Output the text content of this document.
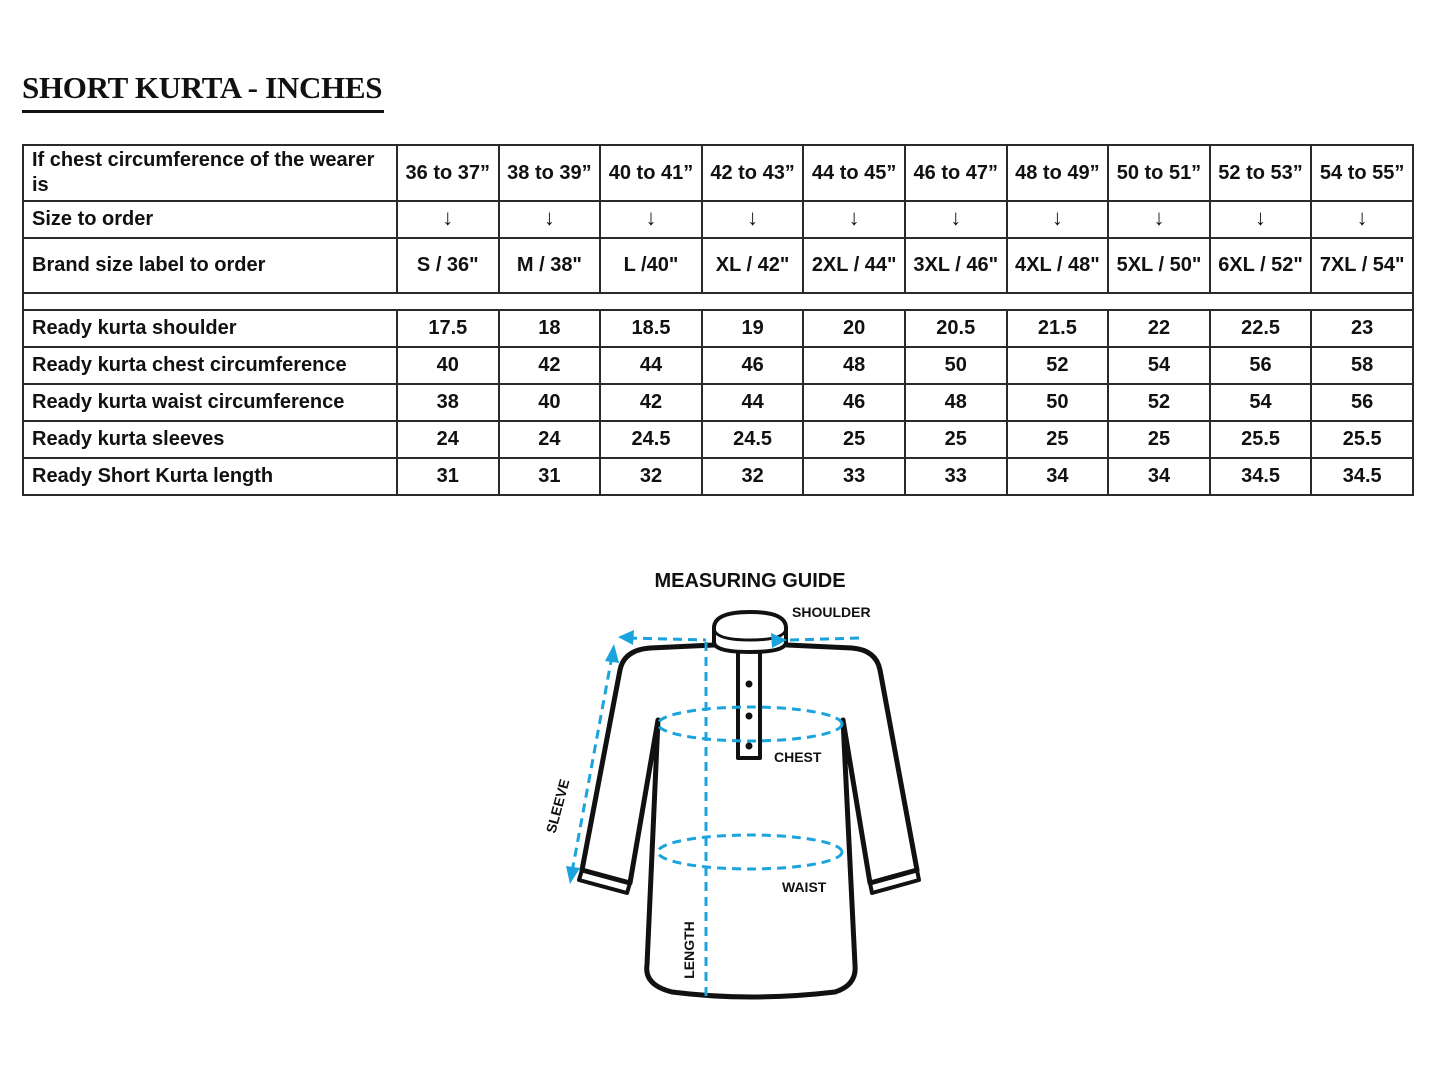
SHORT KURTA - INCHES
If chest circumference of the wearer is	36 to 37”	38 to 39”	40 to 41”	42 to 43”	44 to 45”	46 to 47”	48 to 49”	50 to 51”	52 to 53”	54 to 55”
Size to order	↓	↓	↓	↓	↓	↓	↓	↓	↓	↓
Brand size label to order	S / 36"	M / 38"	L /40"	XL / 42"	2XL / 44"	3XL / 46"	4XL / 48"	5XL / 50"	6XL / 52"	7XL / 54"

Ready kurta shoulder	17.5	18	18.5	19	20	20.5	21.5	22	22.5	23
Ready kurta chest circumference	40	42	44	46	48	50	52	54	56	58
Ready kurta waist circumference	38	40	42	44	46	48	50	52	54	56
Ready kurta sleeves	24	24	24.5	24.5	25	25	25	25	25.5	25.5
Ready Short Kurta length	31	31	32	32	33	33	34	34	34.5	34.5
MEASURING GUIDE
SHOULDER
CHEST
WAIST
SLEEVE
LENGTH
